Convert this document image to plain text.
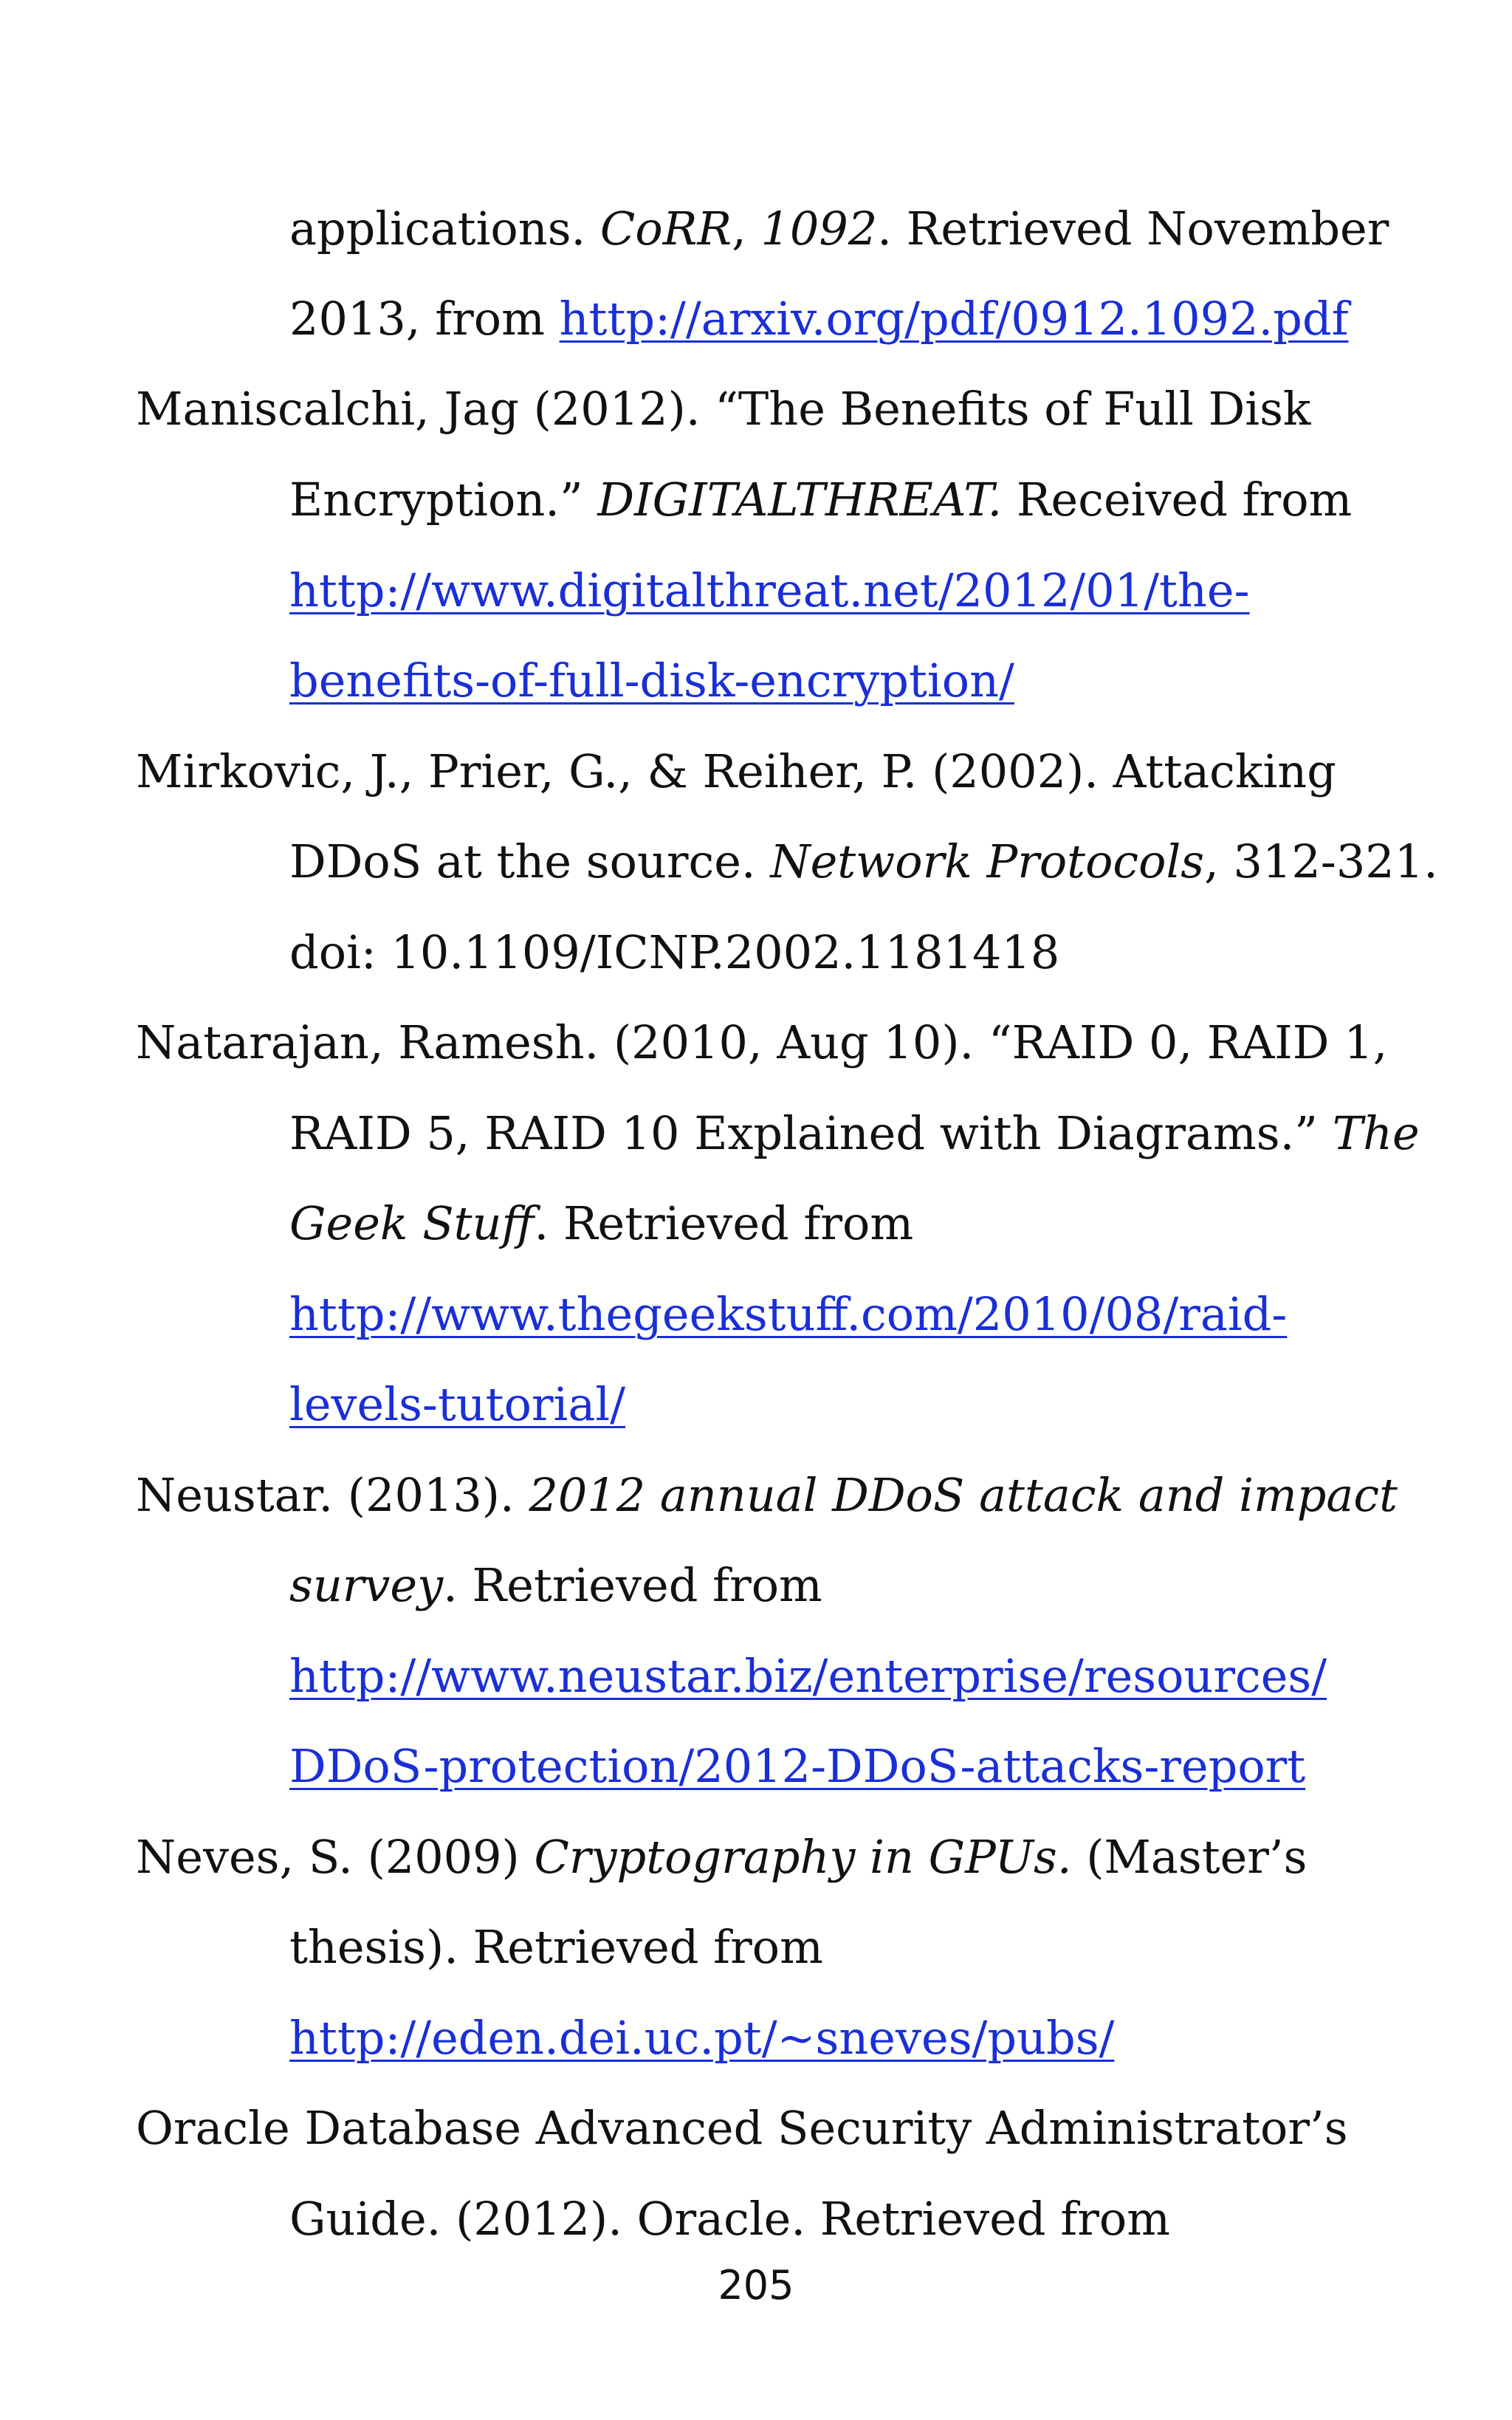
applications. CoRR, 1092. Retrieved November
2013, from http://arxiv.org/pdf/0912.1092.pdf
Maniscalchi, Jag (2012). “The Benefits of Full Disk
Encryption.” DIGITALTHREAT. Received from
http://www.digitalthreat.net/2012/01/the-
benefits-of-full-disk-encryption/
Mirkovic, J., Prier, G., & Reiher, P. (2002). Attacking
DDoS at the source. Network Protocols, 312-321.
doi: 10.1109/ICNP.2002.1181418
Natarajan, Ramesh. (2010, Aug 10). “RAID 0, RAID 1,
RAID 5, RAID 10 Explained with Diagrams.” The
Geek Stuff. Retrieved from
http://www.thegeekstuff.com/2010/08/raid-
levels-tutorial/
Neustar. (2013). 2012 annual DDoS attack and impact
survey. Retrieved from
http://www.neustar.biz/enterprise/resources/
DDoS-protection/2012-DDoS-attacks-report
Neves, S. (2009) Cryptography in GPUs. (Master’s
thesis). Retrieved from
http://eden.dei.uc.pt/~sneves/pubs/
Oracle Database Advanced Security Administrator’s
Guide. (2012). Oracle. Retrieved from
205
